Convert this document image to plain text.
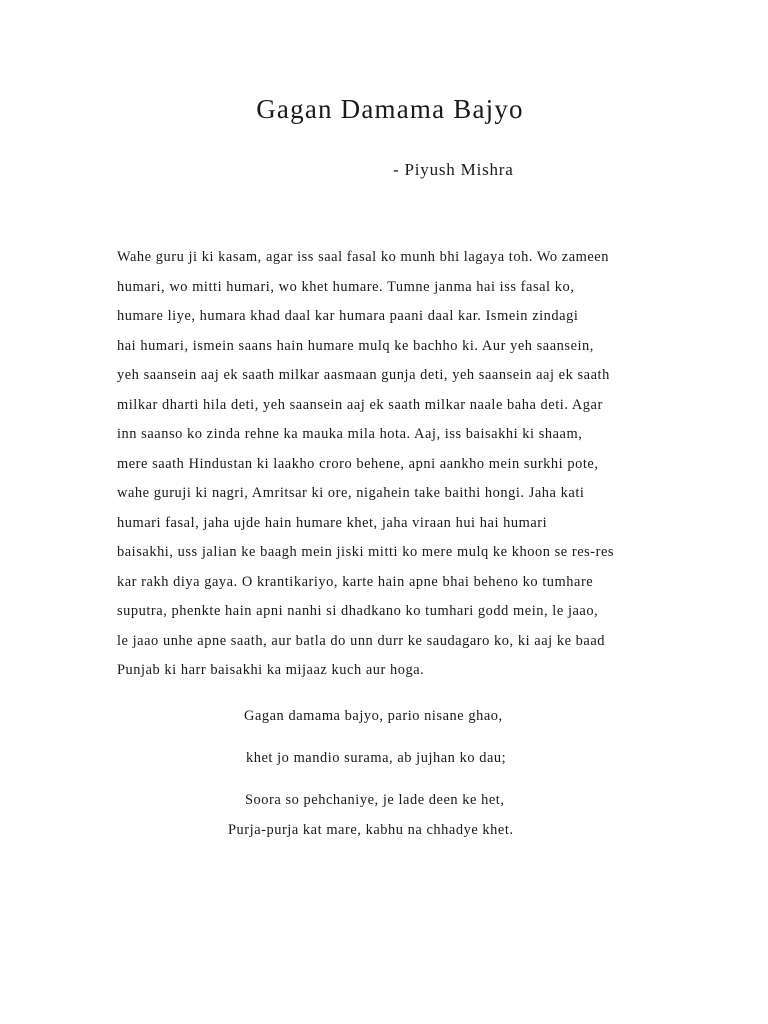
Gagan Damama Bajyo

- Piyush Mishra

Wahe guru ji ki kasam, agar iss saal fasal ko munh bhi lagaya toh. Wo zameen
humari, wo mitti humari, wo khet humare. Tumne janma hai iss fasal ko,
humare liye, humara khad daal kar humara paani daal kar. Ismein zindagi
hai humari, ismein saans hain humare mulq ke bachho ki. Aur yeh saansein,
yeh saansein aaj ek saath milkar aasmaan gunja deti, yeh saansein aaj ek saath
milkar dharti hila deti, yeh saansein aaj ek saath milkar naale baha deti. Agar
inn saanso ko zinda rehne ka mauka mila hota. Aaj, iss baisakhi ki shaam,
mere saath Hindustan ki laakho croro behene, apni aankho mein surkhi pote,
wahe guruji ki nagri, Amritsar ki ore, nigahein take baithi hongi. Jaha kati
humari fasal, jaha ujde hain humare khet, jaha viraan hui hai humari
baisakhi, uss jalian ke baagh mein jiski mitti ko mere mulq ke khoon se res-res
kar rakh diya gaya. O krantikariyo, karte hain apne bhai beheno ko tumhare
suputra, phenkte hain apni nanhi si dhadkano ko tumhari godd mein, le jaao,
le jaao unhe apne saath, aur batla do unn durr ke saudagaro ko, ki aaj ke baad
Punjab ki harr baisakhi ka mijaaz kuch aur hoga.
Gagan damama bajyo, pario nisane ghao,
khet jo mandio surama, ab jujhan ko dau;
Soora so pehchaniye, je lade deen ke het,
Purja-purja kat mare, kabhu na chhadye khet.
